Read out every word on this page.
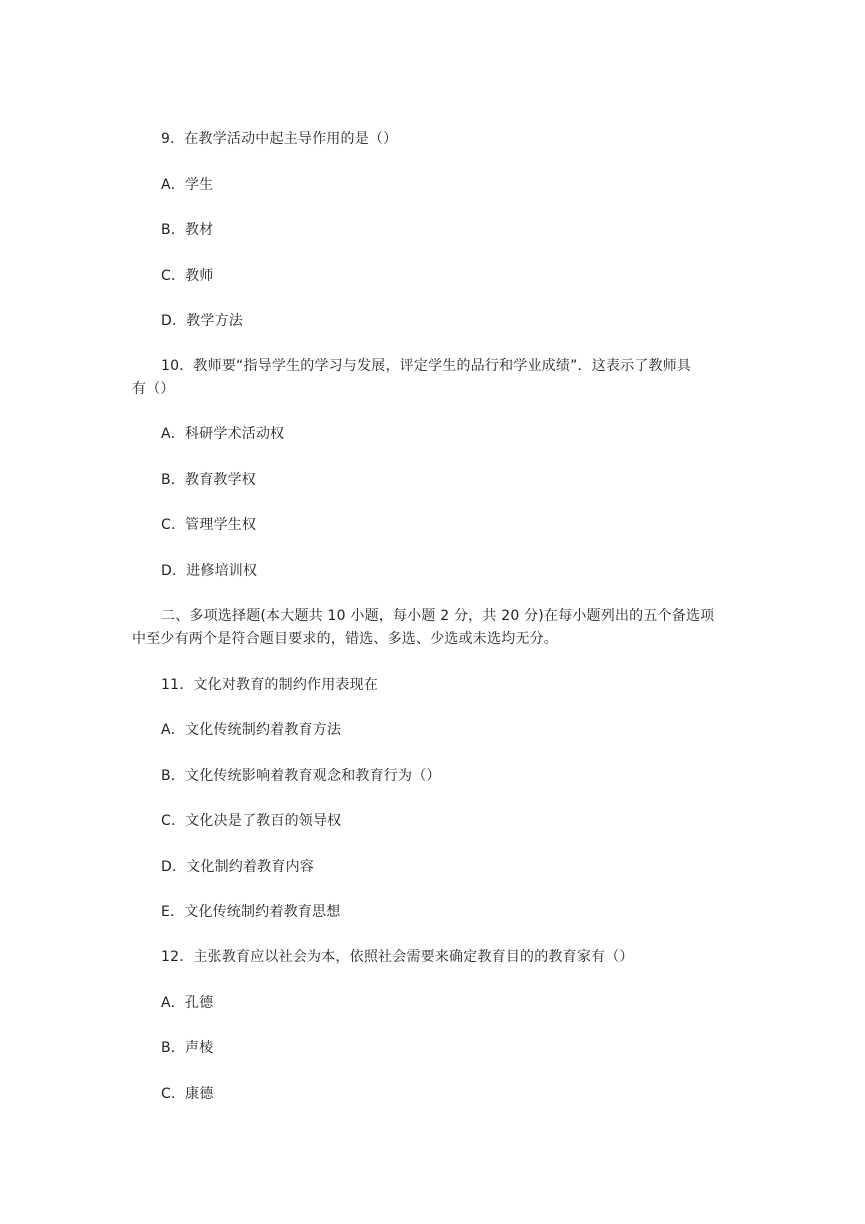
9．在教学活动中起主导作用的是（）
A．学生
B．教材
C．教师
D．教学方法
10．教师要“指导学生的学习与发展，评定学生的品行和学业成绩”．这表示了教师具
有（）
A．科研学术活动权
B．教育教学权
C．管理学生权
D．进修培训权
二、多项选择题(本大题共 10 小题，每小题 2 分，共 20 分)在每小题列出的五个备选项
中至少有两个是符合题目要求的，错选、多选、少选或未选均无分。
11．文化对教育的制约作用表现在
A．文化传统制约着教育方法
B．文化传统影响着教育观念和教育行为（）
C．文化决是了教百的领导权
D．文化制约着教育内容
E．文化传统制约着教育思想
12．主张教育应以社会为本，依照社会需要来确定教育目的的教育家有（）
A．孔德
B．声棱
C．康德
